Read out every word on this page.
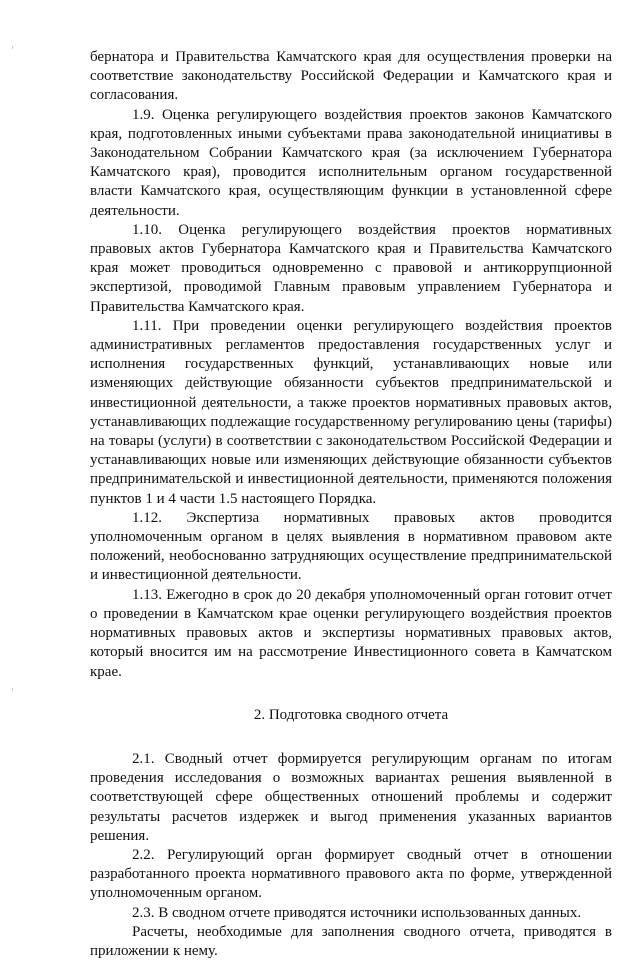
бернатора и Правительства Камчатского края для осуществления проверки на соответствие законодательству Российской Федерации и Камчатского края и согласования.

1.9. Оценка регулирующего воздействия проектов законов Камчатского края, подготовленных иными субъектами права законодательной инициативы в Законодательном Собрании Камчатского края (за исключением Губернатора Камчатского края), проводится исполнительным органом государственной власти Камчатского края, осуществляющим функции в установленной сфере деятельности.

1.10. Оценка регулирующего воздействия проектов нормативных правовых актов Губернатора Камчатского края и Правительства Камчатского края может проводиться одновременно с правовой и антикоррупционной экспертизой, проводимой Главным правовым управлением Губернатора и Правительства Камчатского края.

1.11. При проведении оценки регулирующего воздействия проектов административных регламентов предоставления государственных услуг и исполнения государственных функций, устанавливающих новые или изменяющих действующие обязанности субъектов предпринимательской и инвестиционной деятельности, а также проектов нормативных правовых актов, устанавливающих подлежащие государственному регулированию цены (тарифы) на товары (услуги) в соответствии с законодательством Российской Федерации и устанавливающих новые или изменяющих действующие обязанности субъектов предпринимательской и инвестиционной деятельности, применяются положения пунктов 1 и 4 части 1.5 настоящего Порядка.

1.12. Экспертиза нормативных правовых актов проводится уполномоченным органом в целях выявления в нормативном правовом акте положений, необоснованно затрудняющих осуществление предпринимательской и инвестиционной деятельности.

1.13. Ежегодно в срок до 20 декабря уполномоченный орган готовит отчет о проведении в Камчатском крае оценки регулирующего воздействия проектов нормативных правовых актов и экспертизы нормативных правовых актов, который вносится им на рассмотрение Инвестиционного совета в Камчатском крае.

2. Подготовка сводного отчета

2.1. Сводный отчет формируется регулирующим органам по итогам проведения исследования о возможных вариантах решения выявленной в соответствующей сфере общественных отношений проблемы и содержит результаты расчетов издержек и выгод применения указанных вариантов решения.

2.2. Регулирующий орган формирует сводный отчет в отношении разработанного проекта нормативного правового акта по форме, утвержденной уполномоченным органом.

2.3. В сводном отчете приводятся источники использованных данных.

Расчеты, необходимые для заполнения сводного отчета, приводятся в приложении к нему.
